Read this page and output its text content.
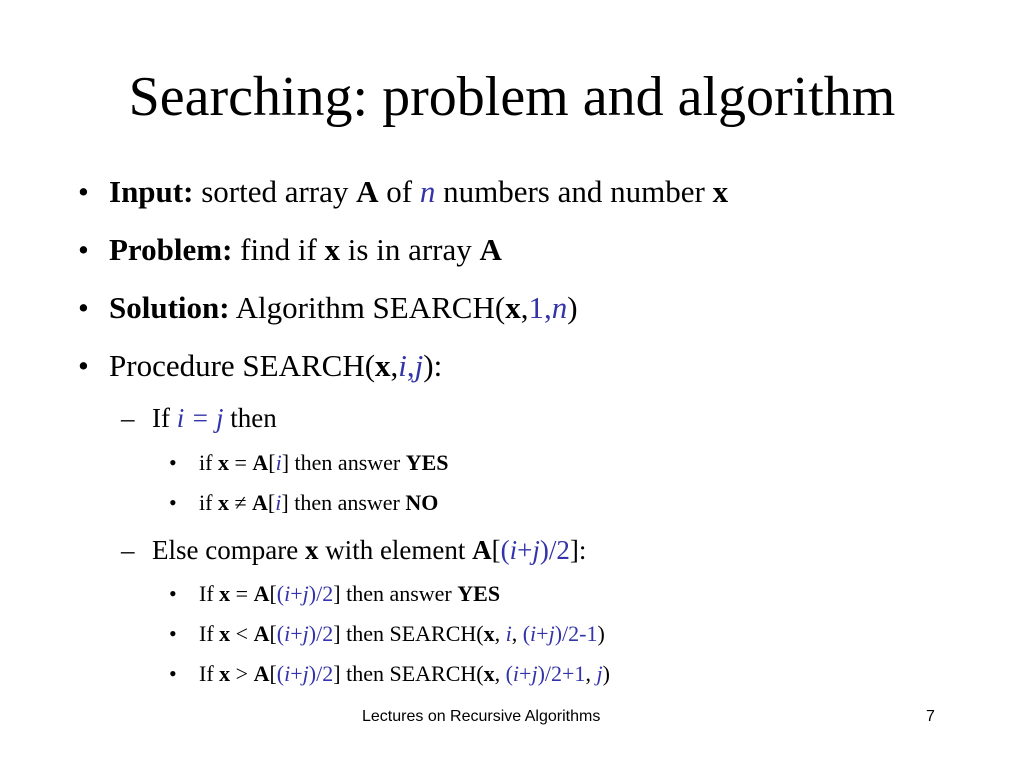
Searching: problem and algorithm
• Input: sorted array A of n numbers and number x
• Problem: find if x is in array A
• Solution: Algorithm SEARCH(x,1,n)
• Procedure SEARCH(x,i,j):
– If i = j then
• if x = A[i] then answer YES
• if x ≠ A[i] then answer NO
– Else compare x with element A[(i+j)/2]:
• If x = A[(i+j)/2] then answer YES
• If x < A[(i+j)/2] then SEARCH(x, i, (i+j)/2-1)
• If x > A[(i+j)/2] then SEARCH(x, (i+j)/2+1, j)
Lectures on Recursive Algorithms	7
